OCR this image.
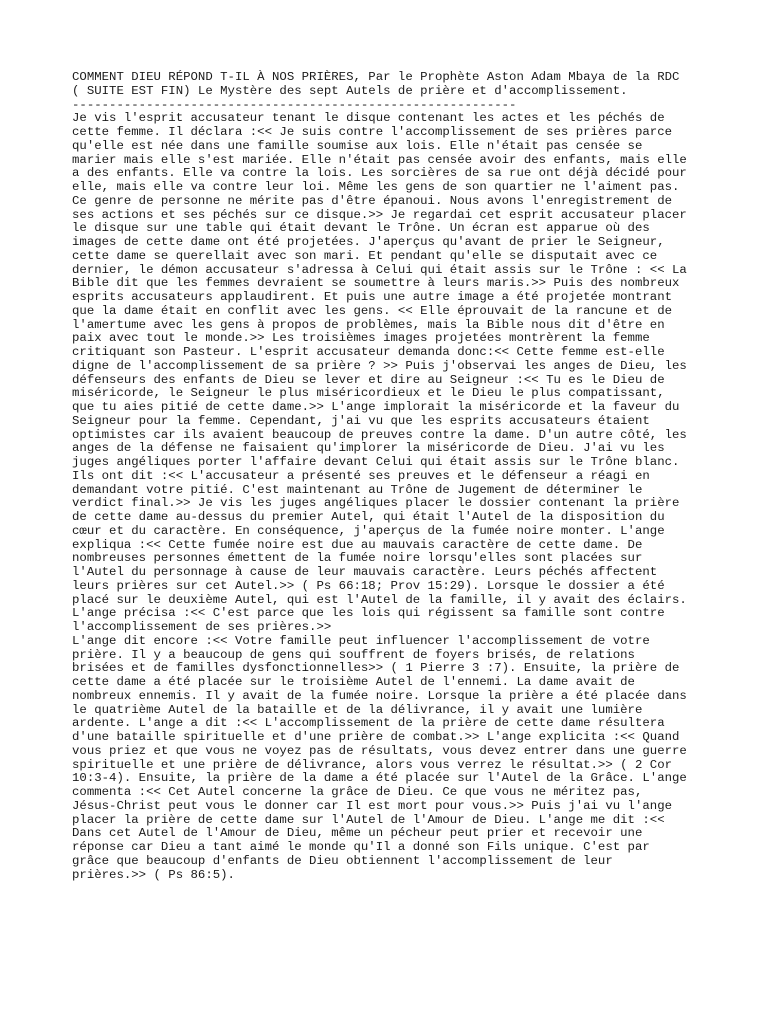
COMMENT DIEU RÉPOND T-IL À NOS PRIÈRES, Par le Prophète Aston Adam Mbaya de la RDC
( SUITE EST FIN) Le Mystère des sept Autels de prière et d'accomplissement.
------------------------------------------------------------
Je vis l'esprit accusateur tenant le disque contenant les actes et les péchés de
cette femme. Il déclara :<< Je suis contre l'accomplissement de ses prières parce
qu'elle est née dans une famille soumise aux lois. Elle n'était pas censée se
marier mais elle s'est mariée. Elle n'était pas censée avoir des enfants, mais elle
a des enfants. Elle va contre la lois. Les sorcières de sa rue ont déjà décidé pour
elle, mais elle va contre leur loi. Même les gens de son quartier ne l'aiment pas.
Ce genre de personne ne mérite pas d'être épanoui. Nous avons l'enregistrement de
ses actions et ses péchés sur ce disque.>> Je regardai cet esprit accusateur placer
le disque sur une table qui était devant le Trône. Un écran est apparue où des
images de cette dame ont été projetées. J'aperçus qu'avant de prier le Seigneur,
cette dame se querellait avec son mari. Et pendant qu'elle se disputait avec ce
dernier, le démon accusateur s'adressa à Celui qui était assis sur le Trône : << La
Bible dit que les femmes devraient se soumettre à leurs maris.>> Puis des nombreux
esprits accusateurs applaudirent. Et puis une autre image a été projetée montrant
que la dame était en conflit avec les gens. << Elle éprouvait de la rancune et de
l'amertume avec les gens à propos de problèmes, mais la Bible nous dit d'être en
paix avec tout le monde.>> Les troisièmes images projetées montrèrent la femme
critiquant son Pasteur. L'esprit accusateur demanda donc:<< Cette femme est-elle
digne de l'accomplissement de sa prière ? >> Puis j'observai les anges de Dieu, les
défenseurs des enfants de Dieu se lever et dire au Seigneur :<< Tu es le Dieu de
miséricorde, le Seigneur le plus miséricordieux et le Dieu le plus compatissant,
que tu aies pitié de cette dame.>> L'ange implorait la miséricorde et la faveur du
Seigneur pour la femme. Cependant, j'ai vu que les esprits accusateurs étaient
optimistes car ils avaient beaucoup de preuves contre la dame. D'un autre côté, les
anges de la défense ne faisaient qu'implorer la miséricorde de Dieu. J'ai vu les
juges angéliques porter l'affaire devant Celui qui était assis sur le Trône blanc.
Ils ont dit :<< L'accusateur a présenté ses preuves et le défenseur a réagi en
demandant votre pitié. C'est maintenant au Trône de Jugement de déterminer le
verdict final.>> Je vis les juges angéliques placer le dossier contenant la prière
de cette dame au-dessus du premier Autel, qui était l'Autel de la disposition du
cœur et du caractère. En conséquence, j'aperçus de la fumée noire monter. L'ange
expliqua :<< Cette fumée noire est due au mauvais caractère de cette dame. De
nombreuses personnes émettent de la fumée noire lorsqu'elles sont placées sur
l'Autel du personnage à cause de leur mauvais caractère. Leurs péchés affectent
leurs prières sur cet Autel.>> ( Ps 66:18; Prov 15:29). Lorsque le dossier a été
placé sur le deuxième Autel, qui est l'Autel de la famille, il y avait des éclairs.
L'ange précisa :<< C'est parce que les lois qui régissent sa famille sont contre
l'accomplissement de ses prières.>>
L'ange dit encore :<< Votre famille peut influencer l'accomplissement de votre
prière. Il y a beaucoup de gens qui souffrent de foyers brisés, de relations
brisées et de familles dysfonctionnelles>> ( 1 Pierre 3 :7). Ensuite, la prière de
cette dame a été placée sur le troisième Autel de l'ennemi. La dame avait de
nombreux ennemis. Il y avait de la fumée noire. Lorsque la prière a été placée dans
le quatrième Autel de la bataille et de la délivrance, il y avait une lumière
ardente. L'ange a dit :<< L'accomplissement de la prière de cette dame résultera
d'une bataille spirituelle et d'une prière de combat.>> L'ange explicita :<< Quand
vous priez et que vous ne voyez pas de résultats, vous devez entrer dans une guerre
spirituelle et une prière de délivrance, alors vous verrez le résultat.>> ( 2 Cor
10:3-4). Ensuite, la prière de la dame a été placée sur l'Autel de la Grâce. L'ange
commenta :<< Cet Autel concerne la grâce de Dieu. Ce que vous ne méritez pas,
Jésus-Christ peut vous le donner car Il est mort pour vous.>> Puis j'ai vu l'ange
placer la prière de cette dame sur l'Autel de l'Amour de Dieu. L'ange me dit :<<
Dans cet Autel de l'Amour de Dieu, même un pécheur peut prier et recevoir une
réponse car Dieu a tant aimé le monde qu'Il a donné son Fils unique. C'est par
grâce que beaucoup d'enfants de Dieu obtiennent l'accomplissement de leur
prières.>> ( Ps 86:5).
